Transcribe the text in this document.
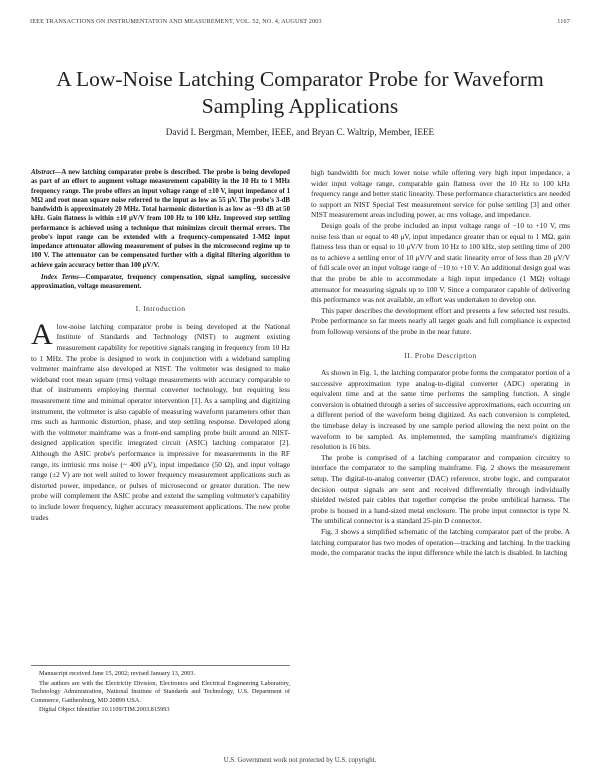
IEEE TRANSACTIONS ON INSTRUMENTATION AND MEASUREMENT, VOL. 52, NO. 4, AUGUST 2003	1167
A Low-Noise Latching Comparator Probe for Waveform Sampling Applications
David I. Bergman, Member, IEEE, and Bryan C. Waltrip, Member, IEEE

Abstract—A new latching comparator probe is described. The probe is being developed as part of an effort to augment voltage measurement capability in the 10 Hz to 1 MHz frequency range. The probe offers an input voltage range of ±10 V, input impedance of 1 MΩ and root mean square noise referred to the input as low as 55 μV. The probe's 3-dB bandwidth is approximately 20 MHz. Total harmonic distortion is as low as −93 dB at 50 kHz. Gain flatness is within ±10 μV/V from 100 Hz to 100 kHz. Improved step settling performance is achieved using a technique that minimizes circuit thermal errors. The probe's input range can be extended with a frequency-compensated 1-MΩ input impedance attenuator allowing measurement of pulses in the microsecond regime up to 100 V. The attenuator can be compensated further with a digital filtering algorithm to achieve gain accuracy better than 100 μV/V.

Index Terms—Comparator, frequency compensation, signal sampling, successive approximation, voltage measurement.

I. Introduction

Alow-noise latching comparator probe is being developed at the National Institute of Standards and Technology (NIST) to augment existing measurement capability for repetitive signals ranging in frequency from 10 Hz to 1 MHz. The probe is designed to work in conjunction with a wideband sampling voltmeter mainframe also developed at NIST. The voltmeter was designed to make wideband root mean square (rms) voltage measurements with accuracy comparable to that of instruments employing thermal converter technology, but requiring less measurement time and minimal operator intervention [1]. As a sampling and digitizing instrument, the voltmeter is also capable of measuring waveform parameters other than rms such as harmonic distortion, phase, and step settling response. Developed along with the voltmeter mainframe was a front-end sampling probe built around an NIST-designed application specific integrated circuit (ASIC) latching comparator [2]. Although the ASIC probe's performance is impressive for measurements in the RF range, its intrinsic rms noise (~ 400 μV), input impedance (50 Ω), and input voltage range (±2 V) are not well suited to lower frequency measurement applications such as distorted power, impedance, or pulses of microsecond or greater duration. The new probe will complement the ASIC probe and extend the sampling voltmeter's capability to include lower frequency, higher accuracy measurement applications. The new probe trades

Manuscript received June 15, 2002; revised January 13, 2003.

The authors are with the Electricity Division, Electronics and Electrical Engineering Laboratory, Technology Administration, National Institute of Standards and Technology, U.S. Department of Commerce, Gaithersburg, MD 20899 USA.

Digital Object Identifier 10.1109/TIM.2003.815993

high bandwidth for much lower noise while offering very high input impedance, a wider input voltage range, comparable gain flatness over the 10 Hz to 100 kHz frequency range and better static linearity. These performance characteristics are needed to support an NIST Special Test measurement service for pulse settling [3] and other NIST measurement areas including power, ac rms voltage, and impedance.

Design goals of the probe included an input voltage range of −10 to +10 V, rms noise less than or equal to 40 μV, input impedance greater than or equal to 1 MΩ, gain flatness less than or equal to 10 μV/V from 10 Hz to 100 kHz, step settling time of 200 ns to achieve a settling error of 10 μV/V and static linearity error of less than 20 μV/V of full scale over an input voltage range of −10 to +10 V. An additional design goal was that the probe be able to accommodate a high input impedance (1 MΩ) voltage attenuator for measuring signals up to 100 V. Since a comparator capable of delivering this performance was not available, an effort was undertaken to develop one.

This paper describes the development effort and presents a few selected test results. Probe performance so far meets nearly all target goals and full compliance is expected from followup versions of the probe in the near future.

II. Probe Description

As shown in Fig. 1, the latching comparator probe forms the comparator portion of a successive approximation type analog-to-digital converter (ADC) operating in equivalent time and at the same time performs the sampling function. A single conversion is obtained through a series of successive approximations, each occurring on a different period of the waveform being digitized. As each conversion is completed, the timebase delay is increased by one sample period allowing the next point on the waveform to be sampled. As implemented, the sampling mainframe's digitizing resolution is 16 bits.

The probe is comprised of a latching comparator and companion circuitry to interface the comparator to the sampling mainframe. Fig. 2 shows the measurement setup. The digital-to-analog converter (DAC) reference, strobe logic, and comparator decision output signals are sent and received differentially through individually shielded twisted pair cables that together comprise the probe umbilical harness. The probe is housed in a hand-sized metal enclosure. The probe input connector is type N. The umbilical connector is a standard 25-pin D connector.

Fig. 3 shows a simplified schematic of the latching comparator part of the probe. A latching comparator has two modes of operation—tracking and latching. In the tracking mode, the comparator tracks the input difference while the latch is disabled. In latching

U.S. Government work not protected by U.S. copyright.
